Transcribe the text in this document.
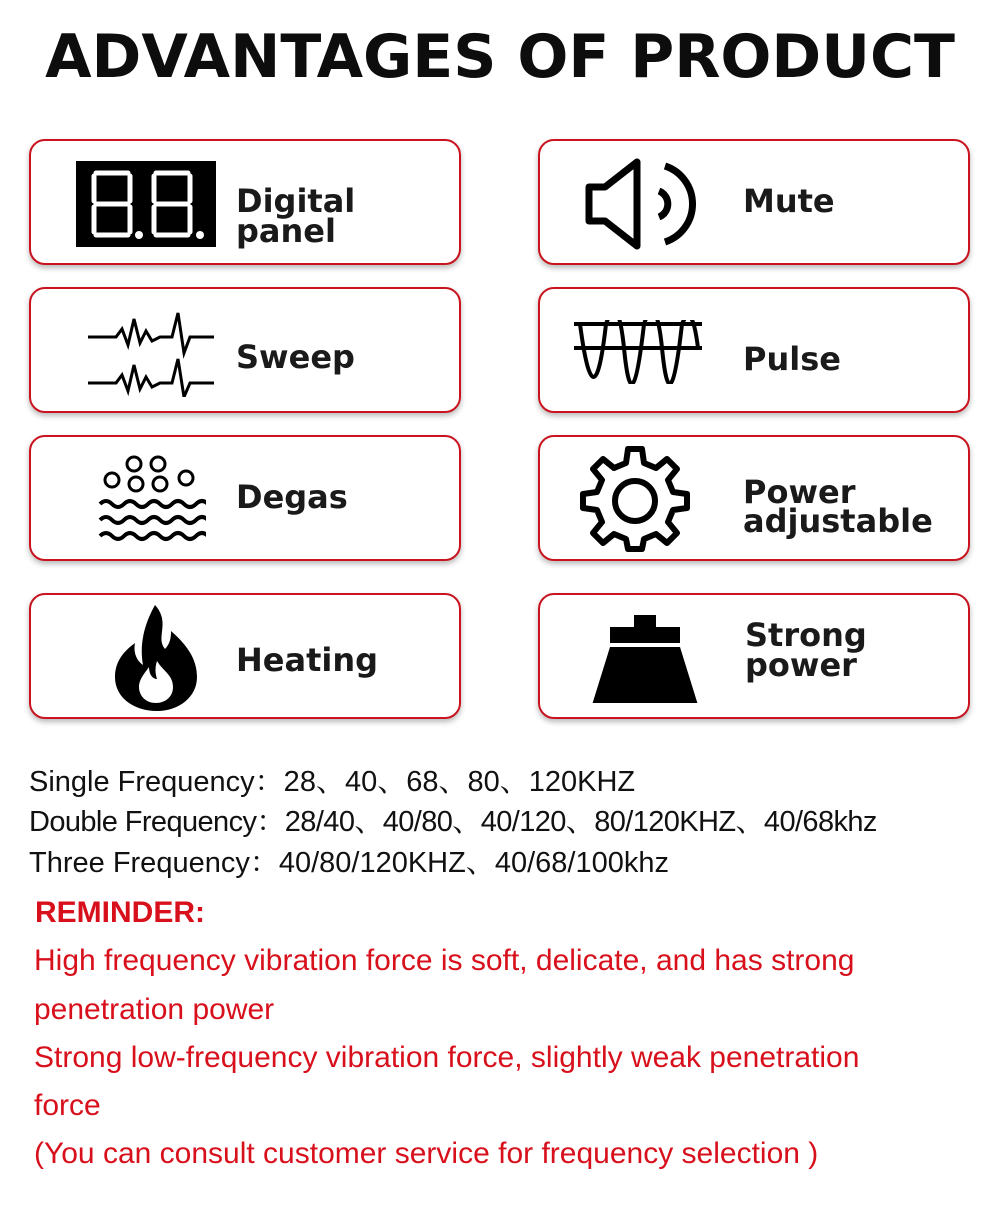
ADVANTAGES OF PRODUCT
Digital panel
Mute
Sweep	Pulse
Degas	Power
adjustable
Heating
Strong
power
Single Frequency：28、40、68、80、120KHZ
Double Frequency：28/40、40/80、40/120、80/120KHZ、40/68khz
Three Frequency：40/80/120KHZ、40/68/100khz
REMINDER:
High frequency vibration force is soft, delicate, and has strong
penetration power
Strong low-frequency vibration force, slightly weak penetration
force
(You can consult customer service for frequency selection )
